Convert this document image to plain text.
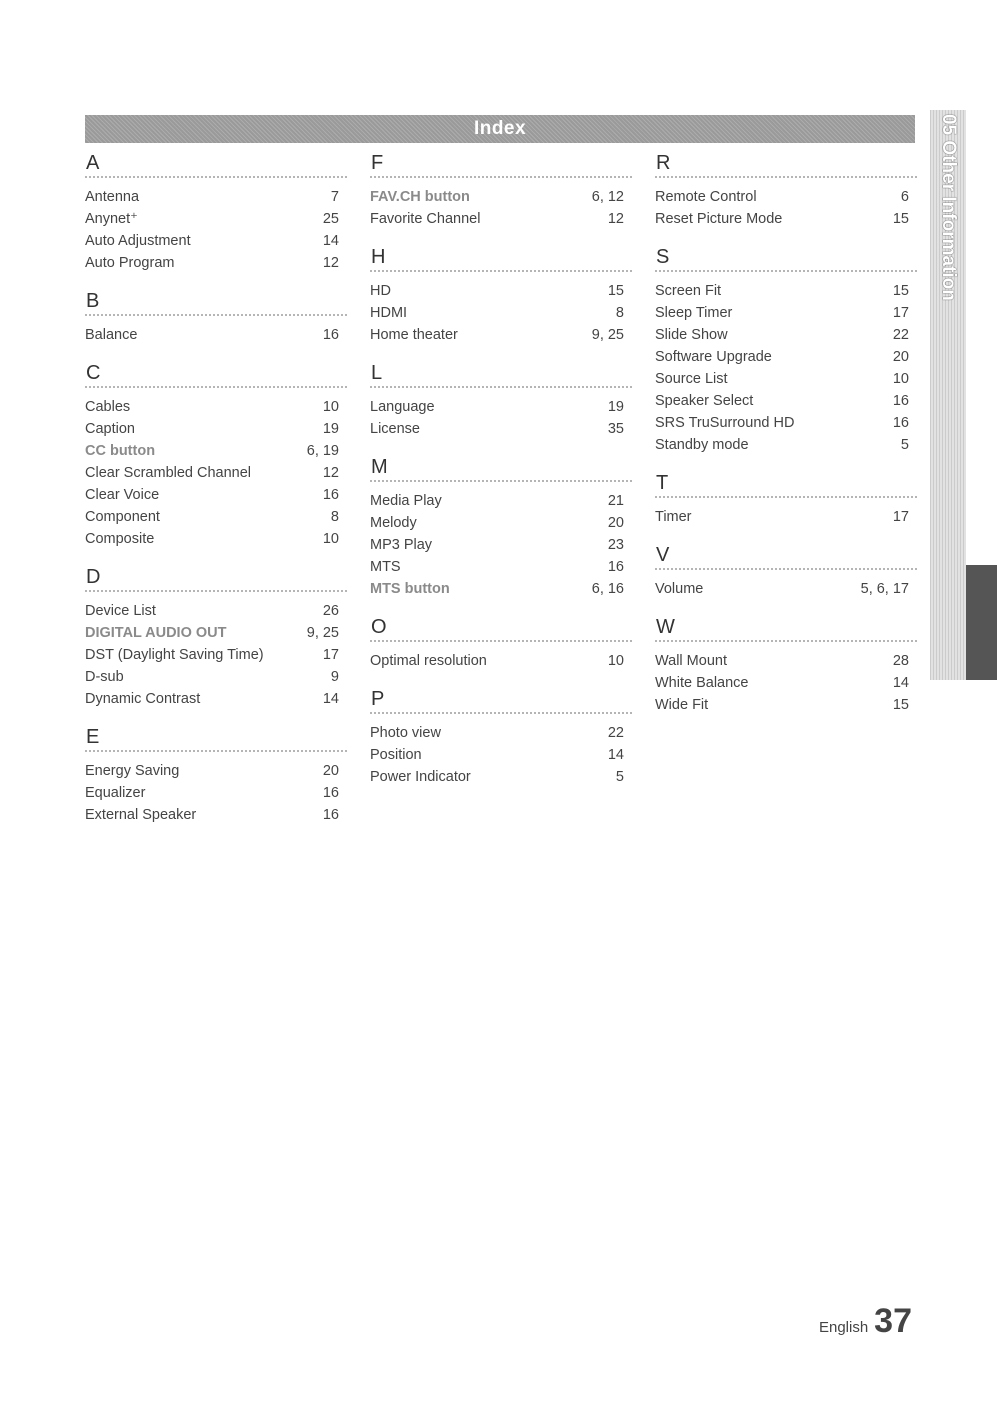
Index	05 Other Information
A
Antenna	7
Anynet⁺	25
Auto Adjustment	14
Auto Program	12
B
Balance	16
C
Cables	10
Caption	19
CC button	6, 19
Clear Scrambled Channel	12
Clear Voice	16
Component	8
Composite	10
D
Device List	26
DIGITAL AUDIO OUT	9, 25
DST (Daylight Saving Time)	17
D-sub	9
Dynamic Contrast	14
E
Energy Saving	20
Equalizer	16
External Speaker	16
F
FAV.CH button	6, 12
Favorite Channel	12
H
HD	15
HDMI	8
Home theater	9, 25
L
Language	19
License	35
M
Media Play	21
Melody	20
MP3 Play	23
MTS	16
MTS button	6, 16
O
Optimal resolution	10
P
Photo view	22
Position	14
Power Indicator	5
R
Remote Control	6
Reset Picture Mode	15
S
Screen Fit	15
Sleep Timer	17
Slide Show	22
Software Upgrade	20
Source List	10
Speaker Select	16
SRS TruSurround HD	16
Standby mode	5
T
Timer	17
V
Volume	5, 6, 17
W
Wall Mount	28
White Balance	14
Wide Fit	15
English 37
